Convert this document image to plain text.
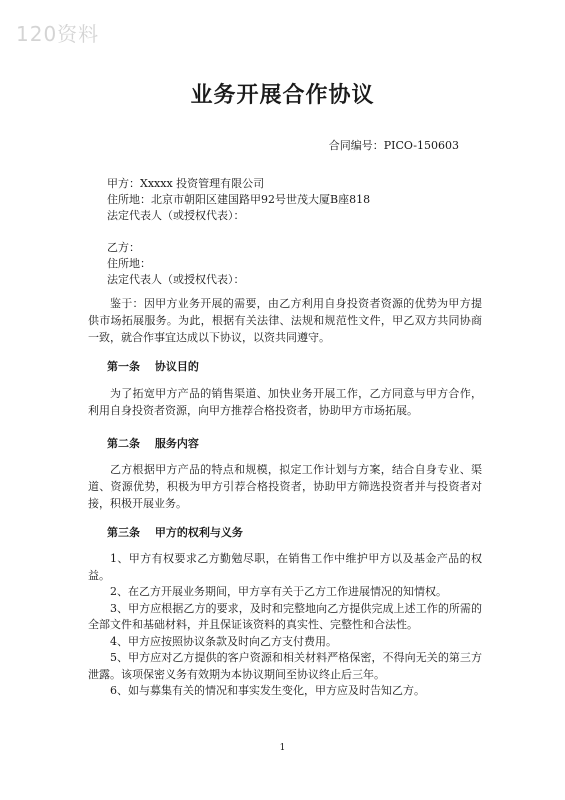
120资料
业务开展合作协议
合同编号：PICO-150603
甲方：Xxxxx 投资管理有限公司
住所地：北京市朝阳区建国路甲92号世茂大厦B座818
法定代表人（或授权代表）：
乙方：
住所地：
法定代表人（或授权代表）：
鉴于：因甲方业务开展的需要，由乙方利用自身投资者资源的优势为甲方提供市场拓展服务。为此，根据有关法律、法规和规范性文件，甲乙双方共同协商一致，就合作事宜达成以下协议，以资共同遵守。
第一条　 协议目的
为了拓宽甲方产品的销售渠道、加快业务开展工作，乙方同意与甲方合作，利用自身投资者资源，向甲方推荐合格投资者，协助甲方市场拓展。
第二条　 服务内容
乙方根据甲方产品的特点和规模，拟定工作计划与方案，结合自身专业、渠道、资源优势，积极为甲方引荐合格投资者，协助甲方筛选投资者并与投资者对接，积极开展业务。
第三条　 甲方的权利与义务
1、甲方有权要求乙方勤勉尽职，在销售工作中维护甲方以及基金产品的权益。
2、在乙方开展业务期间，甲方享有关于乙方工作进展情况的知情权。
3、甲方应根据乙方的要求，及时和完整地向乙方提供完成上述工作的所需的全部文件和基础材料，并且保证该资料的真实性、完整性和合法性。
4、甲方应按照协议条款及时向乙方支付费用。
5、甲方应对乙方提供的客户资源和相关材料严格保密，不得向无关的第三方泄露。该项保密义务有效期为本协议期间至协议终止后三年。
6、如与募集有关的情况和事实发生变化，甲方应及时告知乙方。
1
